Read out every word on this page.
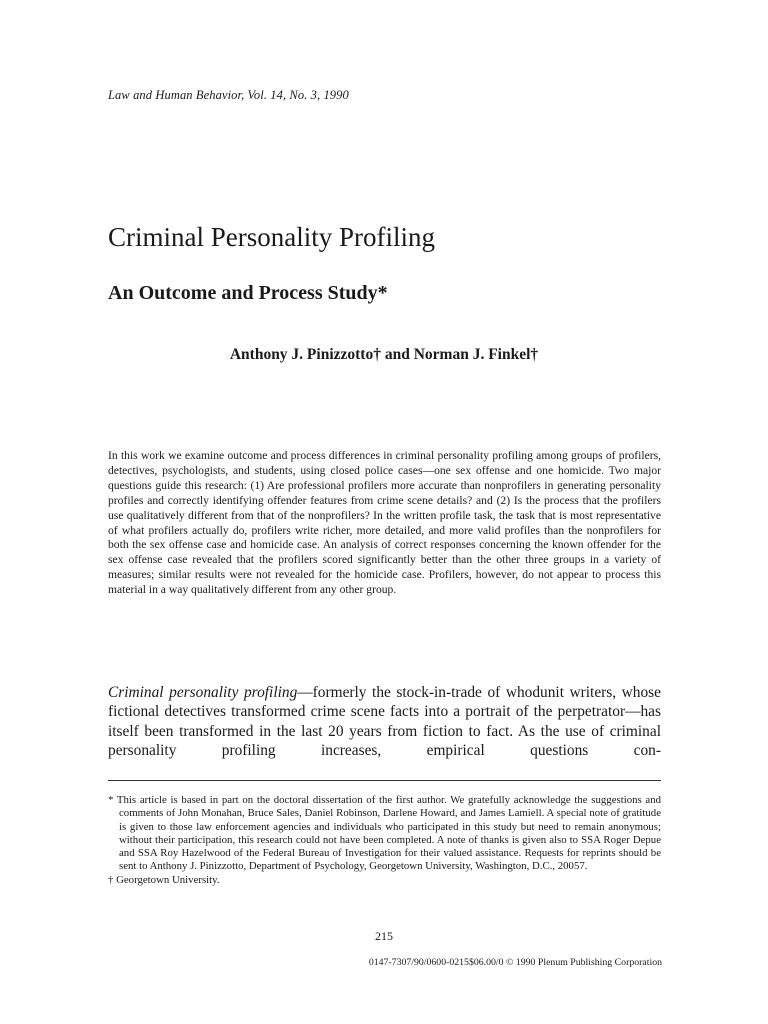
Law and Human Behavior, Vol. 14, No. 3, 1990
Criminal Personality Profiling
An Outcome and Process Study*
Anthony J. Pinizzotto† and Norman J. Finkel†

In this work we examine outcome and process differences in criminal personality profiling among groups of profilers, detectives, psychologists, and students, using closed police cases—one sex offense and one homicide. Two major questions guide this research: (1) Are professional profilers more accurate than nonprofilers in generating personality profiles and correctly identifying offender features from crime scene details? and (2) Is the process that the profilers use qualitatively different from that of the nonprofilers? In the written profile task, the task that is most representative of what profilers actually do, profilers write richer, more detailed, and more valid profiles than the nonprofilers for both the sex offense case and homicide case. An analysis of correct responses concerning the known offender for the sex offense case revealed that the profilers scored significantly better than the other three groups in a variety of measures; similar results were not revealed for the homicide case. Profilers, however, do not appear to process this material in a way qualitatively different from any other group.

Criminal personality profiling—formerly the stock-in-trade of whodunit writers, whose fictional detectives transformed crime scene facts into a portrait of the perpetrator—has itself been transformed in the last 20 years from fiction to fact. As the use of criminal personality profiling increases, empirical questions con-

* This article is based in part on the doctoral dissertation of the first author. We gratefully acknowledge the suggestions and comments of John Monahan, Bruce Sales, Daniel Robinson, Darlene Howard, and James Lamiell. A special note of gratitude is given to those law enforcement agencies and individuals who participated in this study but need to remain anonymous; without their participation, this research could not have been completed. A note of thanks is given also to SSA Roger Depue and SSA Roy Hazelwood of the Federal Bureau of Investigation for their valued assistance. Requests for reprints should be sent to Anthony J. Pinizzotto, Department of Psychology, Georgetown University, Washington, D.C., 20057.

† Georgetown University.

215
0147-7307/90/0600-0215$06.00/0 © 1990 Plenum Publishing Corporation
